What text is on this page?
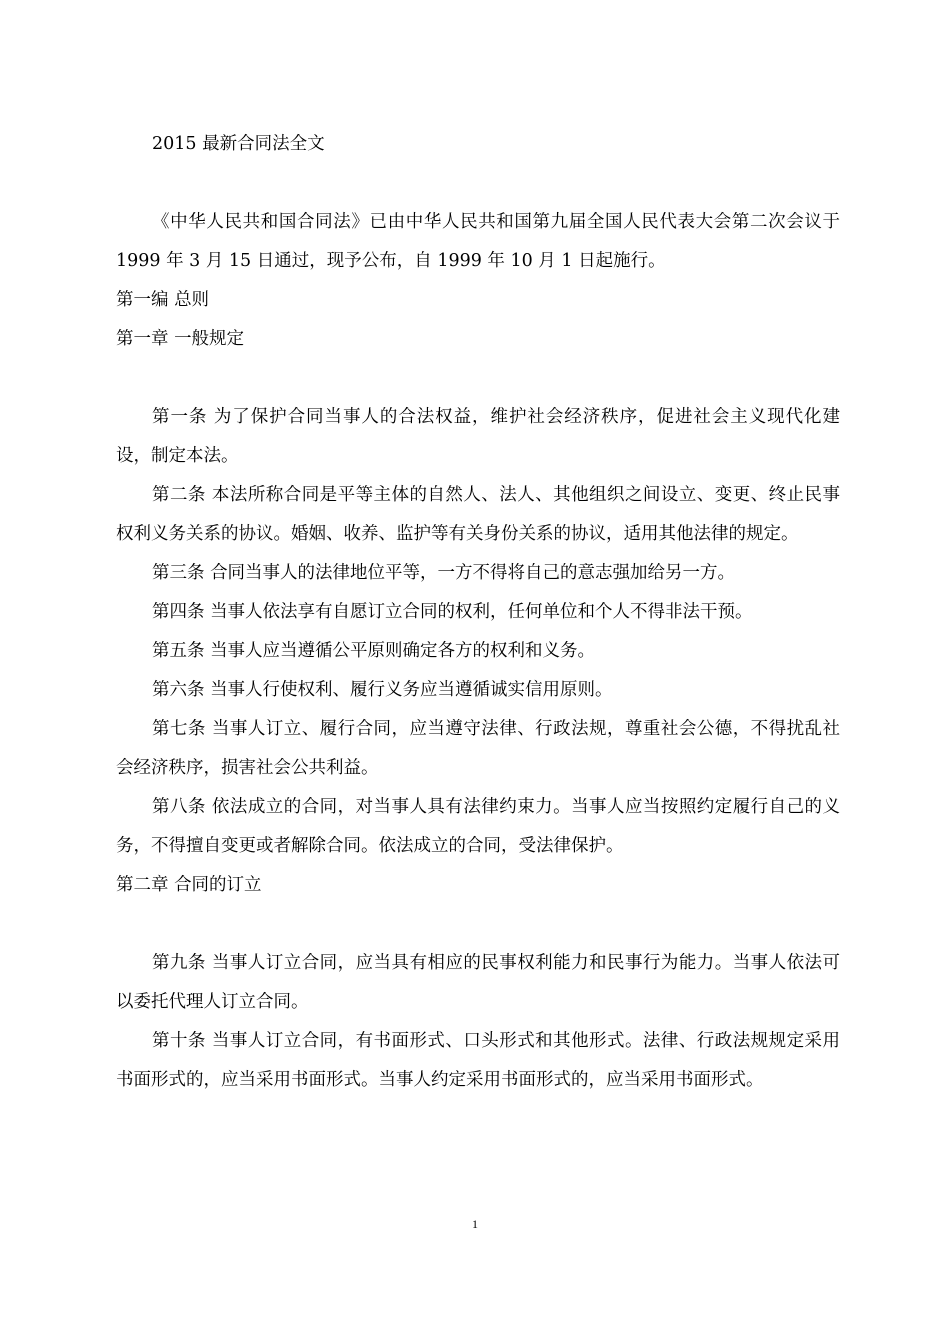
2015 最新合同法全文

《中华人民共和国合同法》已由中华人民共和国第九届全国人民代表大会第二次会议于 1999 年 3 月 15 日通过，现予公布，自 1999 年 10 月 1 日起施行。

第一编 总则

第一章 一般规定

第一条 为了保护合同当事人的合法权益，维护社会经济秩序，促进社会主义现代化建设，制定本法。

第二条 本法所称合同是平等主体的自然人、法人、其他组织之间设立、变更、终止民事权利义务关系的协议。婚姻、收养、监护等有关身份关系的协议，适用其他法律的规定。

第三条 合同当事人的法律地位平等，一方不得将自己的意志强加给另一方。

第四条 当事人依法享有自愿订立合同的权利，任何单位和个人不得非法干预。

第五条 当事人应当遵循公平原则确定各方的权利和义务。

第六条 当事人行使权利、履行义务应当遵循诚实信用原则。

第七条 当事人订立、履行合同，应当遵守法律、行政法规，尊重社会公德，不得扰乱社会经济秩序，损害社会公共利益。

第八条 依法成立的合同，对当事人具有法律约束力。当事人应当按照约定履行自己的义务，不得擅自变更或者解除合同。依法成立的合同，受法律保护。

第二章 合同的订立

第九条 当事人订立合同，应当具有相应的民事权利能力和民事行为能力。当事人依法可以委托代理人订立合同。

第十条 当事人订立合同，有书面形式、口头形式和其他形式。法律、行政法规规定采用书面形式的，应当采用书面形式。当事人约定采用书面形式的，应当采用书面形式。

1
